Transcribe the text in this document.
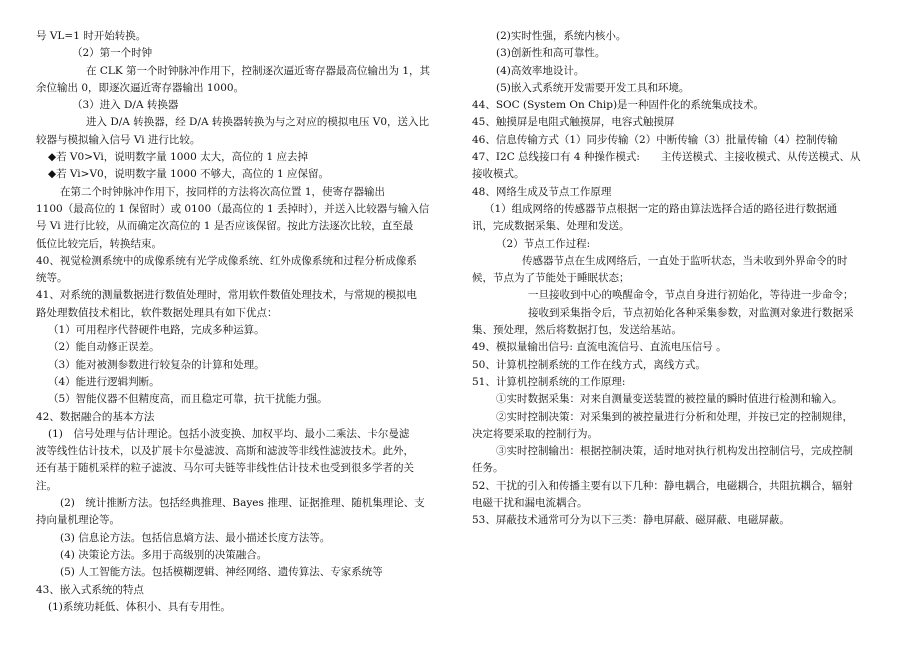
号 VL=1 时开始转换。
（2）第一个时钟
在 CLK 第一个时钟脉冲作用下，控制逐次逼近寄存器最高位输出为 1，其
余位输出 0，即逐次逼近寄存器输出 1000。
（3）进入 D/A 转换器
进入 D/A 转换器，经 D/A 转换器转换为与之对应的模拟电压 V0，送入比
较器与模拟输入信号 Vi 进行比较。
◆若 V0>Vi，说明数字量 1000 太大，高位的 1 应去掉
◆若 Vi>V0，说明数字量 1000 不够大，高位的 1 应保留。
在第二个时钟脉冲作用下，按同样的方法将次高位置 1，使寄存器输出
1100（最高位的 1 保留时）或 0100（最高位的 1 丢掉时），并送入比较器与输入信
号 Vi 进行比较，从而确定次高位的 1 是否应该保留。按此方法逐次比较，直至最
低位比较完后，转换结束。
40、视觉检测系统中的成像系统有光学成像系统、红外成像系统和过程分析成像系
统等。
41、对系统的测量数据进行数值处理时，常用软件数值处理技术，与常规的模拟电
路处理数值技术相比，软件数据处理具有如下优点：
（1）可用程序代替硬件电路，完成多种运算。
（2）能自动修正误差。
（3）能对被测参数进行较复杂的计算和处理。
（4）能进行逻辑判断。
（5）智能仪器不但精度高，而且稳定可靠，抗干扰能力强。
42、数据融合的基本方法
(1)　信号处理与估计理论。包括小波变换、加权平均、最小二乘法、卡尔曼滤
波等线性估计技术，以及扩展卡尔曼滤波、高斯和滤波等非线性滤波技术。此外，
还有基于随机采样的粒子滤波、马尔可夫链等非线性估计技术也受到很多学者的关
注。
(2)　统计推断方法。包括经典推理、Bayes 推理、证据推理、随机集理论、支
持向量机理论等。
(3) 信息论方法。包括信息熵方法、最小描述长度方法等。
(4) 决策论方法。多用于高级别的决策融合。
(5) 人工智能方法。包括模糊逻辑、神经网络、遗传算法、专家系统等
43、嵌入式系统的特点
(1)系统功耗低、体积小、具有专用性。
(2)实时性强，系统内核小。
(3)创新性和高可靠性。
(4)高效率地设计。
(5)嵌入式系统开发需要开发工具和环境。
44、SOC (System On Chip)是一种固件化的系统集成技术。
45、触摸屏是电阻式触摸屏，电容式触摸屏
46、信息传输方式（1）同步传输（2）中断传输（3）批量传输（4）控制传输
47、I2C 总线接口有 4 种操作模式:　　主传送模式、主接收模式、从传送模式、从
接收模式。
48、网络生成及节点工作原理
（1）组成网络的传感器节点根据一定的路由算法选择合适的路径进行数据通
讯，完成数据采集、处理和发送。
（2）节点工作过程:
传感器节点在生成网络后，一直处于监听状态，当未收到外界命令的时
候，节点为了节能处于睡眠状态；
一旦接收到中心的唤醒命令，节点自身进行初始化，等待进一步命令；
接收到采集指令后，节点初始化各种采集参数，对监测对象进行数据采
集、预处理，然后将数据打包，发送给基站。
49、模拟量输出信号: 直流电流信号、直流电压信号 。
50、计算机控制系统的工作在线方式，离线方式。
51、计算机控制系统的工作原理:
①实时数据采集：对来自测量变送装置的被控量的瞬时值进行检测和输入。
②实时控制决策：对采集到的被控量进行分析和处理，并按已定的控制规律，
决定将要采取的控制行为。
③实时控制输出：根据控制决策，适时地对执行机构发出控制信号，完成控制
任务。
52、干扰的引入和传播主要有以下几种：静电耦合，电磁耦合，共阻抗耦合，辐射
电磁干扰和漏电流耦合。
53、屏蔽技术通常可分为以下三类：静电屏蔽、磁屏蔽、电磁屏蔽。
